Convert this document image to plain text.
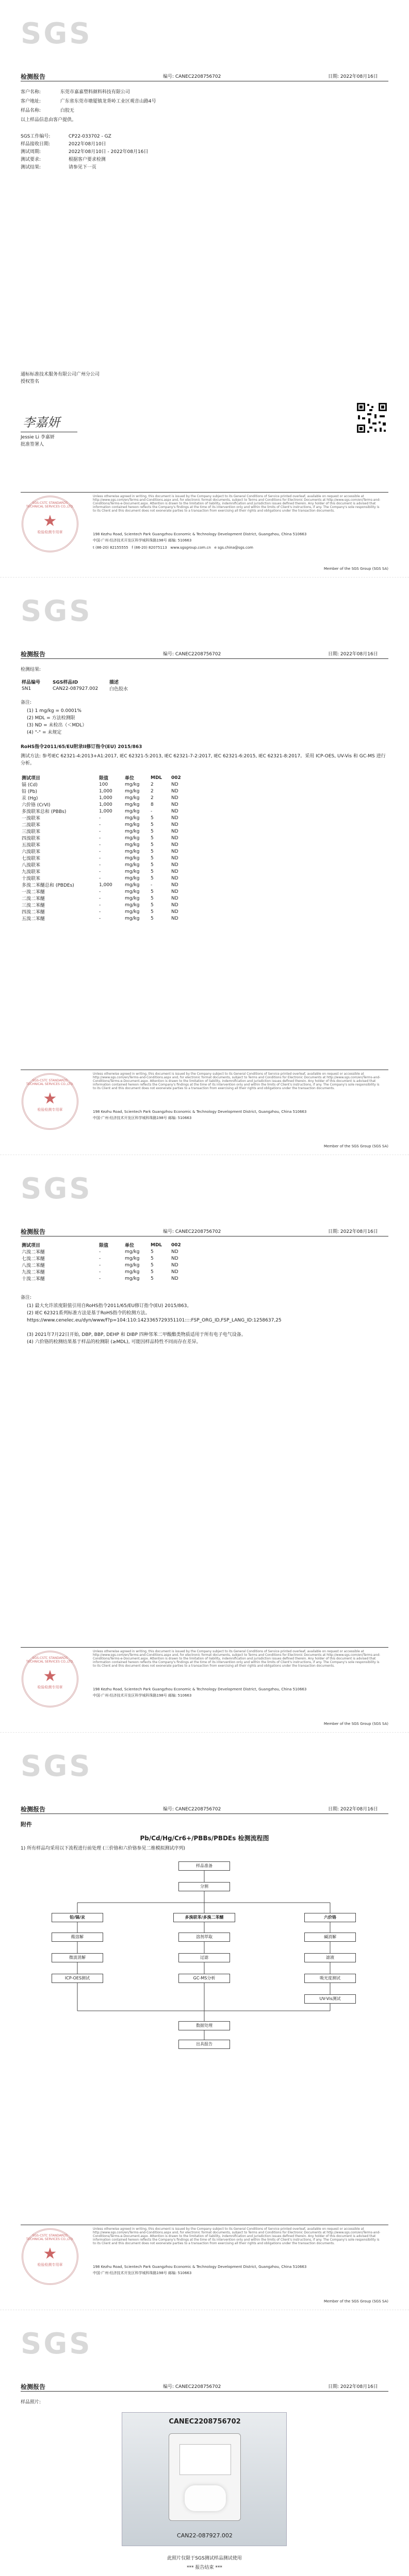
SGS
检测报告	编号: CANEC2208756702	日期: 2022年08月16日
客户名称:	东莞市嘉嘉塑料颜料科技有限公司
客户地址:	广东省东莞市塘厦镇龙背岭工业区观音山路4号
样品名称:	白胶无
以上样品信息由客户提供。
SGS工作编号:	CP22-033702 - GZ
样品接收日期:	2022年08月10日
测试周期:	2022年08月10日 - 2022年08月16日
测试要求:	根据客户要求检测
测试结果:	请参见下一页
通标标准技术服务有限公司广州分公司
授权签名
李嘉妍
Jessie Li 李嘉妍
批准签署人
SGS-CSTC STANDARDS TECHNICAL SERVICES CO.,LTD.
★
检验检测专用章
Unless otherwise agreed in writing, this document is issued by the Company subject to its General Conditions of Service printed overleaf, available on request or accessible at http://www.sgs.com/en/Terms-and-Conditions.aspx and, for electronic format documents, subject to Terms and Conditions for Electronic Documents at http://www.sgs.com/en/Terms-and-Conditions/Terms-e-Document.aspx. Attention is drawn to the limitation of liability, indemnification and jurisdiction issues defined therein. Any holder of this document is advised that information contained hereon reflects the Company's findings at the time of its intervention only and within the limits of Client's instructions, if any. The Company's sole responsibility is to its Client and this document does not exonerate parties to a transaction from exercising all their rights and obligations under the transaction documents.
198 Kezhu Road, Scientech Park Guangzhou Economic & Technology Development District, Guangzhou, China 510663
中国·广州·经济技术开发区科学城科珠路198号 邮编: 510663
t (86-20) 82155555 f (86-20) 82075113 www.sgsgroup.com.cn e sgs.china@sgs.com
Member of the SGS Group (SGS SA)
SGS
检测报告	编号: CANEC2208756702	日期: 2022年08月16日
检测结果:
样品编号	SGS样品ID	描述
SN1	CAN22-087927.002	白色胶水
备注:
(1) 1 mg/kg = 0.0001%
(2) MDL = 方法检测限
(3) ND = 未检出（＜MDL）
(4) "-" = 未规定
RoHS指令2011/65/EU附录II修订指令(EU) 2015/863
测试方法: 参考IEC 62321-4:2013+A1:2017, IEC 62321-5:2013, IEC 62321-7-2:2017, IEC 62321-6:2015, IEC 62321-8:2017。采用 ICP-OES, UV-Vis 和 GC-MS 进行分析。
测试项目	限值	单位	MDL	002
镉 (Cd)	100	mg/kg	2	ND
铅 (Pb)	1,000	mg/kg	2	ND
汞 (Hg)	1,000	mg/kg	2	ND
六价铬 (CrVI)	1,000	mg/kg	8	ND
多溴联苯总和 (PBBs)	1,000	mg/kg	-	ND
一溴联苯	-	mg/kg	5	ND
二溴联苯	-	mg/kg	5	ND
三溴联苯	-	mg/kg	5	ND
四溴联苯	-	mg/kg	5	ND
五溴联苯	-	mg/kg	5	ND
六溴联苯	-	mg/kg	5	ND
七溴联苯	-	mg/kg	5	ND
八溴联苯	-	mg/kg	5	ND
九溴联苯	-	mg/kg	5	ND
十溴联苯	-	mg/kg	5	ND
多溴二苯醚总和 (PBDEs)	1,000	mg/kg	-	ND
一溴二苯醚	-	mg/kg	5	ND
二溴二苯醚	-	mg/kg	5	ND
三溴二苯醚	-	mg/kg	5	ND
四溴二苯醚	-	mg/kg	5	ND
五溴二苯醚	-	mg/kg	5	ND
SGS-CSTC STANDARDS TECHNICAL SERVICES CO.,LTD.
★
检验检测专用章
Unless otherwise agreed in writing, this document is issued by the Company subject to its General Conditions of Service printed overleaf, available on request or accessible at http://www.sgs.com/en/Terms-and-Conditions.aspx and, for electronic format documents, subject to Terms and Conditions for Electronic Documents at http://www.sgs.com/en/Terms-and-Conditions/Terms-e-Document.aspx. Attention is drawn to the limitation of liability, indemnification and jurisdiction issues defined therein. Any holder of this document is advised that information contained hereon reflects the Company's findings at the time of its intervention only and within the limits of Client's instructions, if any. The Company's sole responsibility is to its Client and this document does not exonerate parties to a transaction from exercising all their rights and obligations under the transaction documents.
198 Kezhu Road, Scientech Park Guangzhou Economic & Technology Development District, Guangzhou, China 510663
中国·广州·经济技术开发区科学城科珠路198号 邮编: 510663
Member of the SGS Group (SGS SA)
SGS
检测报告	编号: CANEC2208756702	日期: 2022年08月16日
测试项目	限值	单位	MDL	002
六溴二苯醚	-	mg/kg	5	ND
七溴二苯醚	-	mg/kg	5	ND
八溴二苯醚	-	mg/kg	5	ND
九溴二苯醚	-	mg/kg	5	ND
十溴二苯醚	-	mg/kg	5	ND
备注:
(1) 最大允许浓度限值引用自RoHS指令2011/65/EU修订指令(EU) 2015/863。
(2) IEC 62321系列标准方法是基于RoHS指令的检测方法。
https://www.cenelec.eu/dyn/www/f?p=104:110:1423365729351101::::FSP_ORG_ID,FSP_LANG_ID:1258637,25
(3) 2021年7月22日开始, DBP, BBP, DEHP 和 DIBP 四种邻苯二甲酸酯类物质适用于所有电子电气设备。
(4) 六价铬的检测结果基于样品的检测限 (≥MDL), 可能因样品特性不同而存在差异。
SGS-CSTC STANDARDS TECHNICAL SERVICES CO.,LTD.
★
检验检测专用章
Unless otherwise agreed in writing, this document is issued by the Company subject to its General Conditions of Service printed overleaf, available on request or accessible at http://www.sgs.com/en/Terms-and-Conditions.aspx and, for electronic format documents, subject to Terms and Conditions for Electronic Documents at http://www.sgs.com/en/Terms-and-Conditions/Terms-e-Document.aspx. Attention is drawn to the limitation of liability, indemnification and jurisdiction issues defined therein. Any holder of this document is advised that information contained hereon reflects the Company's findings at the time of its intervention only and within the limits of Client's instructions, if any. The Company's sole responsibility is to its Client and this document does not exonerate parties to a transaction from exercising all their rights and obligations under the transaction documents.
198 Kezhu Road, Scientech Park Guangzhou Economic & Technology Development District, Guangzhou, China 510663
中国·广州·经济技术开发区科学城科珠路198号 邮编: 510663
Member of the SGS Group (SGS SA)
SGS
检测报告	编号: CANEC2208756702	日期: 2022年08月16日
附件
Pb/Cd/Hg/Cr6+/PBBs/PBDEs 检测流程图
1) 所有样品均采用以下流程进行前处理 (三价铬和六价铬参见二维模拟测试序列)
样品准备
分割
铅/镉/汞	多溴联苯/多溴二苯醚	六价铬
酸溶解
微波消解
ICP-OES测试
溶剂萃取
过滤
GC-MS分析
碱消解
滤液
吸光度测试
UV-Vis测试
数据处理
出具报告
SGS-CSTC STANDARDS TECHNICAL SERVICES CO.,LTD.
★
检验检测专用章
Unless otherwise agreed in writing, this document is issued by the Company subject to its General Conditions of Service printed overleaf, available on request or accessible at http://www.sgs.com/en/Terms-and-Conditions.aspx and, for electronic format documents, subject to Terms and Conditions for Electronic Documents at http://www.sgs.com/en/Terms-and-Conditions/Terms-e-Document.aspx. Attention is drawn to the limitation of liability, indemnification and jurisdiction issues defined therein. Any holder of this document is advised that information contained hereon reflects the Company's findings at the time of its intervention only and within the limits of Client's instructions, if any. The Company's sole responsibility is to its Client and this document does not exonerate parties to a transaction from exercising all their rights and obligations under the transaction documents.
198 Kezhu Road, Scientech Park Guangzhou Economic & Technology Development District, Guangzhou, China 510663
中国·广州·经济技术开发区科学城科珠路198号 邮编: 510663
Member of the SGS Group (SGS SA)
SGS
检测报告	编号: CANEC2208756702	日期: 2022年08月16日
样品照片:
CANEC2208756702
CAN22-087927.002
此照片仅限于SGS测试样品测试使用
*** 报告结束 ***
